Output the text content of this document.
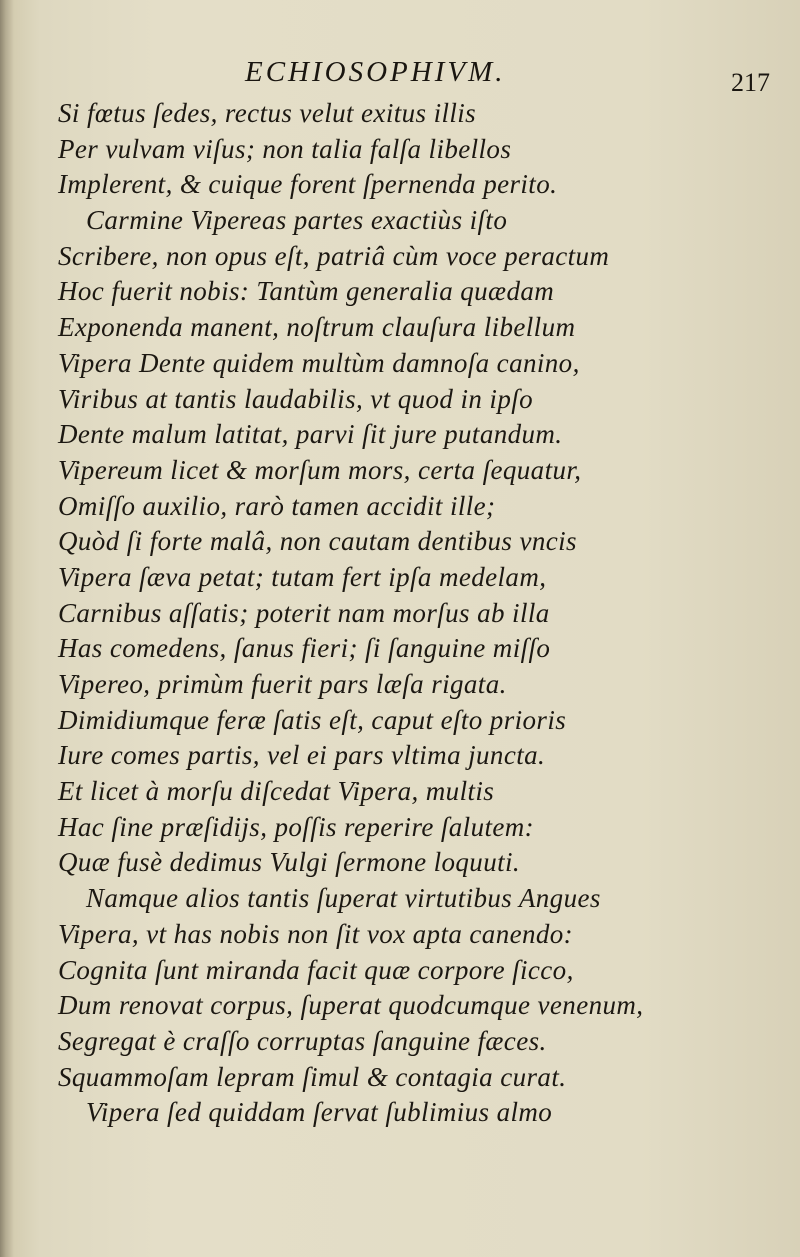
ECHIOSOPHIVM.	217
Si fœtus ſedes, rectus velut exitus illis
Per vulvam viſus; non talia falſa libellos
Implerent, & cuique forent ſpernenda perito.
Carmine Vipereas partes exactiùs iſto
Scribere, non opus eſt, patriâ cùm voce peractum
Hoc fuerit nobis: Tantùm generalia quædam
Exponenda manent, noſtrum clauſura libellum
Vipera Dente quidem multùm damnoſa canino,
Viribus at tantis laudabilis, vt quod in ipſo
Dente malum latitat, parvi ſit jure putandum.
Vipereum licet & morſum mors, certa ſequatur,
Omiſſo auxilio, rarò tamen accidit ille;
Quòd ſi forte malâ, non cautam dentibus vncis
Vipera ſæva petat; tutam fert ipſa medelam,
Carnibus aſſatis; poterit nam morſus ab illa
Has comedens, ſanus fieri; ſi ſanguine miſſo
Vipereo, primùm fuerit pars læſa rigata.
Dimidiumque feræ ſatis eſt, caput eſto prioris
Iure comes partis, vel ei pars vltima juncta.
Et licet à morſu diſcedat Vipera, multis
Hac ſine præſidijs, poſſis reperire ſalutem:
Quæ fusè dedimus Vulgi ſermone loquuti.
Namque alios tantis ſuperat virtutibus Angues
Vipera, vt has nobis non ſit vox apta canendo:
Cognita ſunt miranda facit quæ corpore ſicco,
Dum renovat corpus, ſuperat quodcumque venenum,
Segregat è craſſo corruptas ſanguine fæces.
Squammoſam lepram ſimul & contagia curat.
Vipera ſed quiddam ſervat ſublimius almo
